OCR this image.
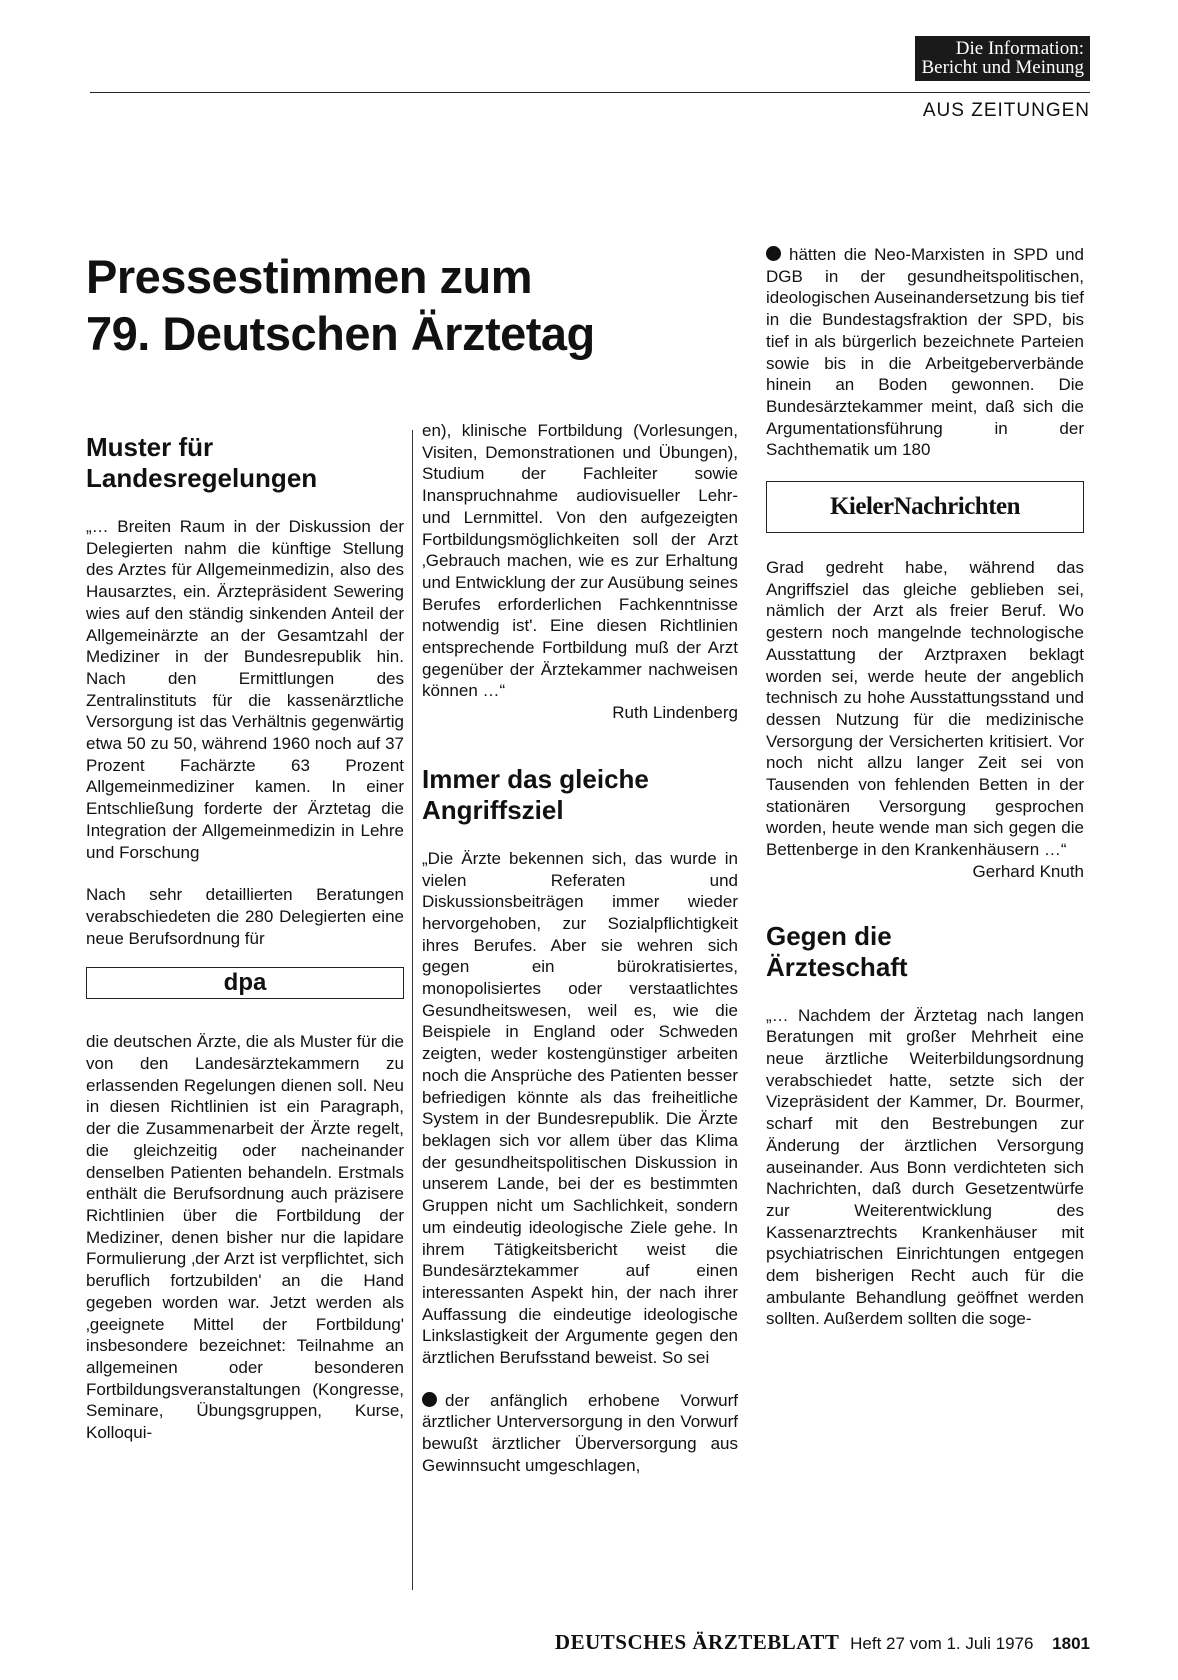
Die Information:
Bericht und Meinung
AUS ZEITUNGEN
Pressestimmen zum
79. Deutschen Ärztetag
Muster für
Landesregelungen

„… Breiten Raum in der Diskussion der Delegierten nahm die künftige Stellung des Arztes für Allgemeinmedizin, also des Hausarztes, ein. Ärztepräsident Sewering wies auf den ständig sinkenden Anteil der Allgemeinärzte an der Gesamtzahl der Mediziner in der Bundesrepublik hin. Nach den Ermittlungen des Zentralinstituts für die kassenärztliche Versorgung ist das Verhältnis gegenwärtig etwa 50 zu 50, während 1960 noch auf 37 Prozent Fachärzte 63 Prozent Allgemeinmediziner kamen. In einer Entschließung forderte der Ärztetag die Integration der Allgemeinmedizin in Lehre und Forschung

Nach sehr detaillierten Beratungen verabschiedeten die 280 Delegierten eine neue Berufsordnung für

dpa

die deutschen Ärzte, die als Muster für die von den Landesärztekammern zu erlassenden Regelungen dienen soll. Neu in diesen Richtlinien ist ein Paragraph, der die Zusammenarbeit der Ärzte regelt, die gleichzeitig oder nacheinander denselben Patienten behandeln. Erstmals enthält die Berufsordnung auch präzisere Richtlinien über die Fortbildung der Mediziner, denen bisher nur die lapidare Formulierung ‚der Arzt ist verpflichtet, sich beruflich fortzubilden' an die Hand gegeben worden war. Jetzt werden als ‚geeignete Mittel der Fortbildung' insbesondere bezeichnet: Teilnahme an allgemeinen oder besonderen Fortbildungsveranstaltungen (Kongresse, Seminare, Übungsgruppen, Kurse, Kolloqui-

en), klinische Fortbildung (Vorlesungen, Visiten, Demonstrationen und Übungen), Studium der Fachleiter sowie Inanspruchnahme audiovisueller Lehr- und Lernmittel. Von den aufgezeigten Fortbildungsmöglichkeiten soll der Arzt ‚Gebrauch machen, wie es zur Erhaltung und Entwicklung der zur Ausübung seines Berufes erforderlichen Fachkenntnisse notwendig ist'. Eine diesen Richtlinien entsprechende Fortbildung muß der Arzt gegenüber der Ärztekammer nachweisen können …“

Ruth Lindenberg
Immer das gleiche
Angriffsziel

„Die Ärzte bekennen sich, das wurde in vielen Referaten und Diskussionsbeiträgen immer wieder hervorgehoben, zur Sozialpflichtigkeit ihres Berufes. Aber sie wehren sich gegen ein bürokratisiertes, monopolisiertes oder verstaatlichtes Gesundheitswesen, weil es, wie die Beispiele in England oder Schweden zeigten, weder kostengünstiger arbeiten noch die Ansprüche des Patienten besser befriedigen könnte als das freiheitliche System in der Bundesrepublik. Die Ärzte beklagen sich vor allem über das Klima der gesundheitspolitischen Diskussion in unserem Lande, bei der es bestimmten Gruppen nicht um Sachlichkeit, sondern um eindeutig ideologische Ziele gehe. In ihrem Tätigkeitsbericht weist die Bundesärztekammer auf einen interessanten Aspekt hin, der nach ihrer Auffassung die eindeutige ideologische Linkslastigkeit der Argumente gegen den ärztlichen Berufsstand beweist. So sei

der anfänglich erhobene Vorwurf ärztlicher Unterversorgung in den Vorwurf bewußt ärztlicher Überversorgung aus Gewinnsucht umgeschlagen,

hätten die Neo-Marxisten in SPD und DGB in der gesundheitspolitischen, ideologischen Auseinandersetzung bis tief in die Bundestagsfraktion der SPD, bis tief in als bürgerlich bezeichnete Parteien sowie bis in die Arbeitgeberverbände hinein an Boden gewonnen. Die Bundesärztekammer meint, daß sich die Argumentationsführung in der Sachthematik um 180

KielerNachrichten

Grad gedreht habe, während das Angriffsziel das gleiche geblieben sei, nämlich der Arzt als freier Beruf. Wo gestern noch mangelnde technologische Ausstattung der Arztpraxen beklagt worden sei, werde heute der angeblich technisch zu hohe Ausstattungsstand und dessen Nutzung für die medizinische Versorgung der Versicherten kritisiert. Vor noch nicht allzu langer Zeit sei von Tausenden von fehlenden Betten in der stationären Versorgung gesprochen worden, heute wende man sich gegen die Bettenberge in den Krankenhäusern …“

Gerhard Knuth
Gegen die
Ärzteschaft

„… Nachdem der Ärztetag nach langen Beratungen mit großer Mehrheit eine neue ärztliche Weiterbildungsordnung verabschiedet hatte, setzte sich der Vizepräsident der Kammer, Dr. Bourmer, scharf mit den Bestrebungen zur Änderung der ärztlichen Versorgung auseinander. Aus Bonn verdichteten sich Nachrichten, daß durch Gesetzentwürfe zur Weiterentwicklung des Kassenarztrechts Krankenhäuser mit psychiatrischen Einrichtungen entgegen dem bisherigen Recht auch für die ambulante Behandlung geöffnet werden sollten. Außerdem sollten die soge-

DEUTSCHES ÄRZTEBLATT Heft 27 vom 1. Juli 1976 1801
